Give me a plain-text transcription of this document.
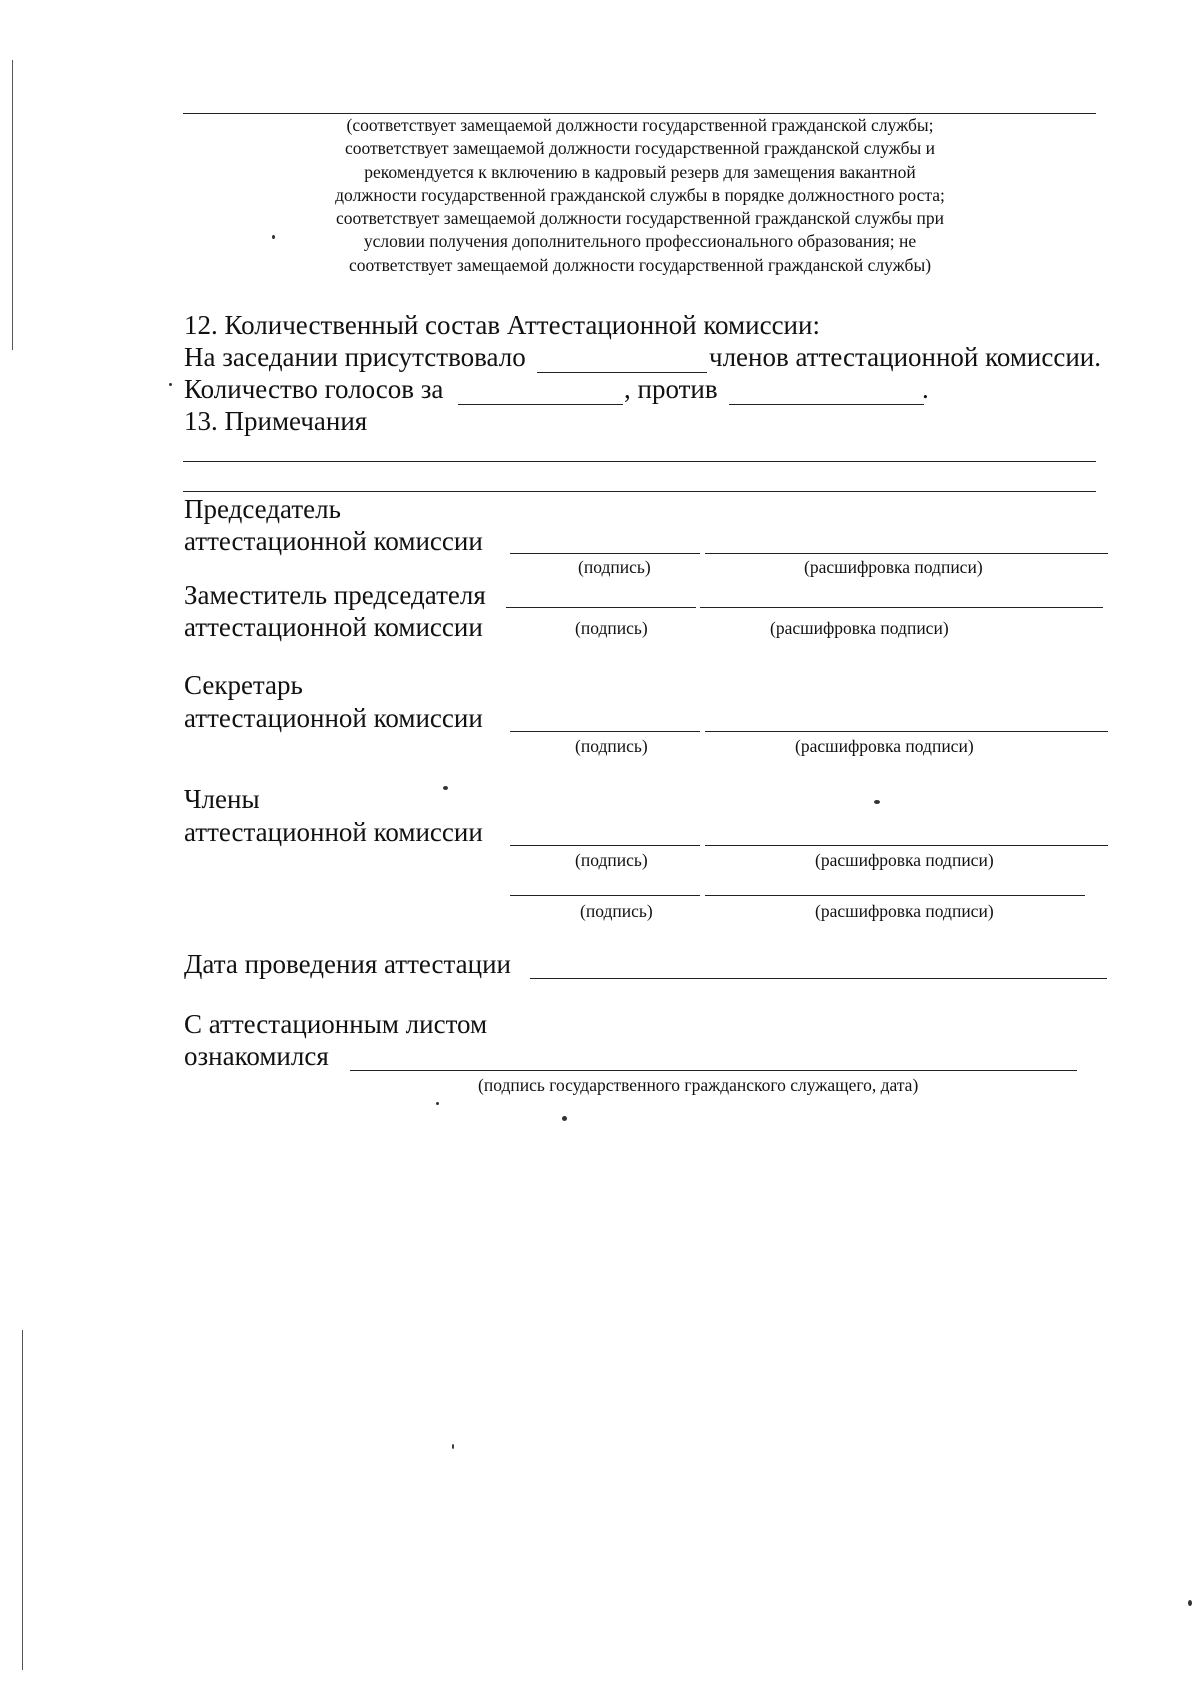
(соответствует замещаемой должности государственной гражданской службы;
соответствует замещаемой должности государственной гражданской службы и
рекомендуется к включению в кадровый резерв для замещения вакантной
должности государственной гражданской службы в порядке должностного роста;
соответствует замещаемой должности государственной гражданской службы при
условии получения дополнительного профессионального образования; не
соответствует замещаемой должности государственной гражданской службы)
12. Количественный состав Аттестационной комиссии:
На заседании присутствовало	членов аттестационной комиссии.
Количество голосов за	, против	.
13. Примечания
Председатель
аттестационной комиссии
(подпись)	(расшифровка подписи)
Заместитель председателя
аттестационной комиссии	(подпись)	(расшифровка подписи)
Секретарь
аттестационной комиссии
(подпись)	(расшифровка подписи)
Члены
аттестационной комиссии
(подпись)	(расшифровка подписи)
(подпись)	(расшифровка подписи)
Дата проведения аттестации
С аттестационным листом
ознакомился
(подпись государственного гражданского служащего, дата)
